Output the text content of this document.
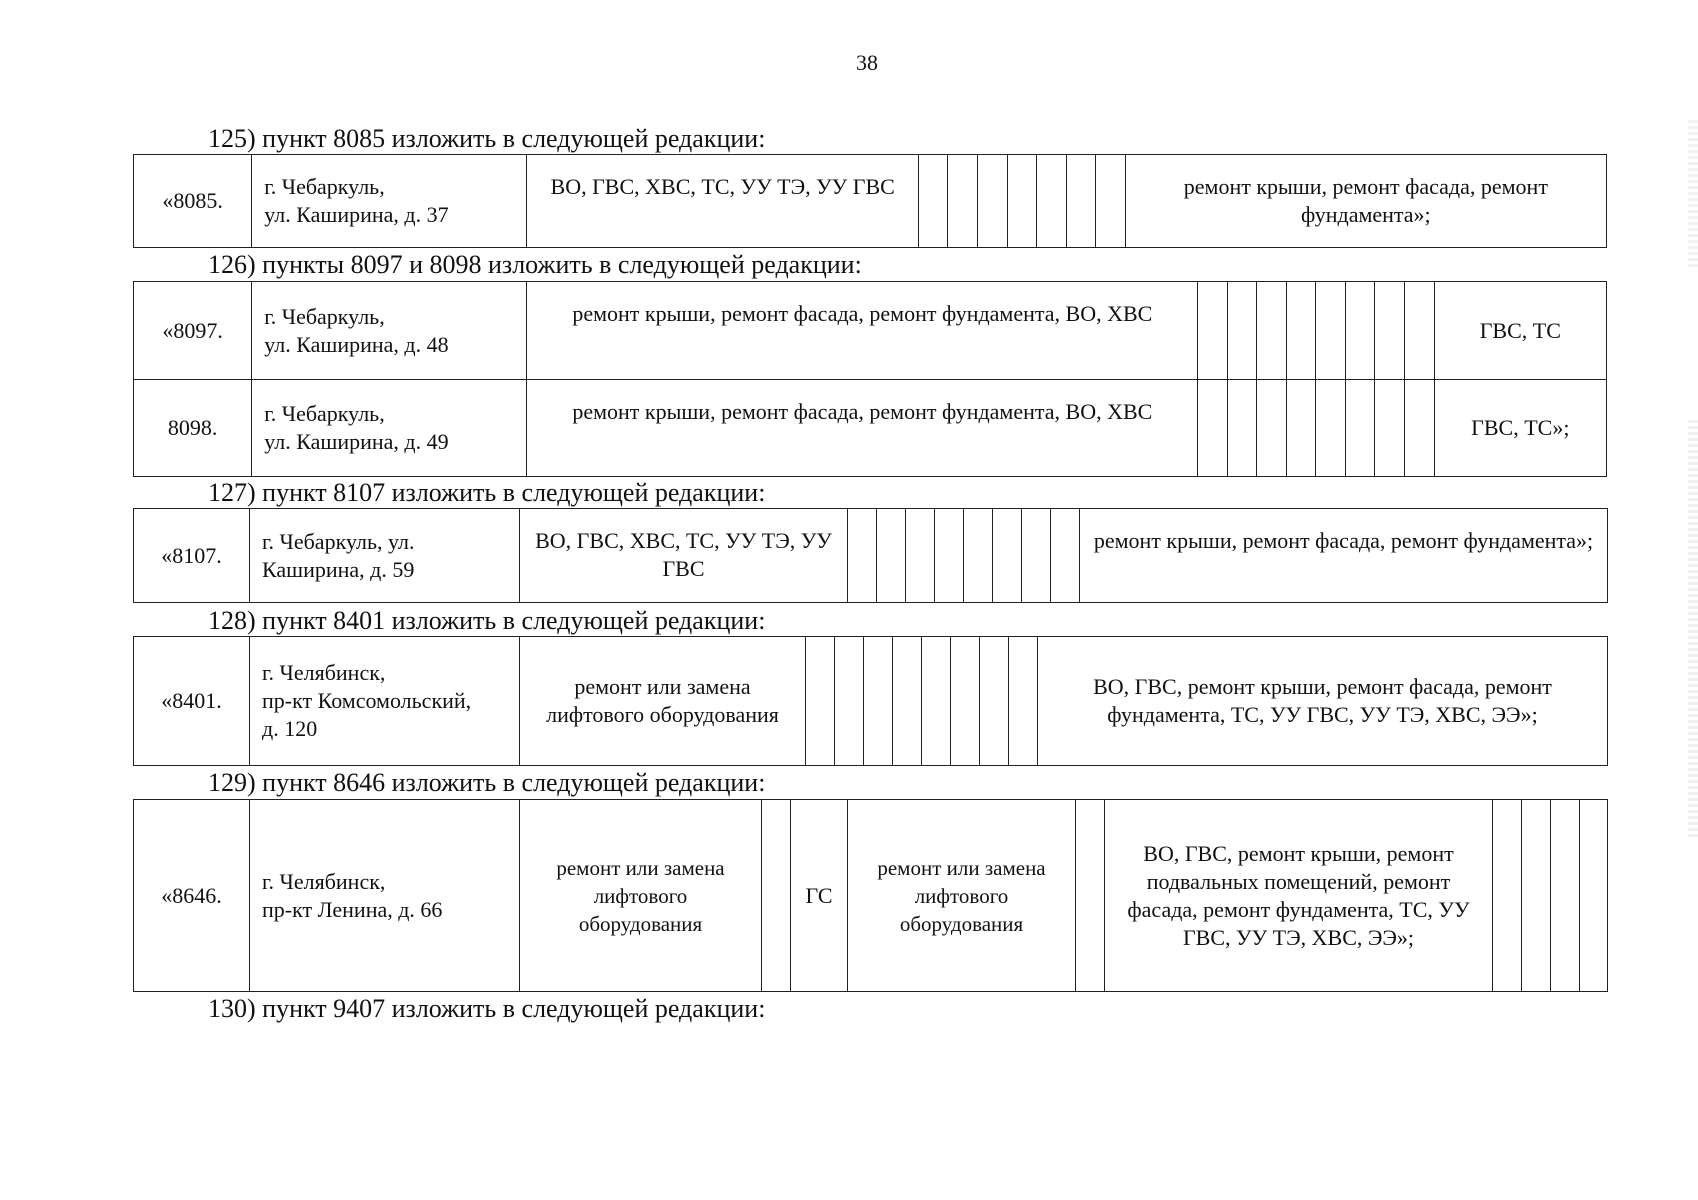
38
125) пункт 8085 изложить в следующей редакции:
«8085.	г. Чебаркуль,
ул. Каширина, д. 37	ВО, ГВС, ХВС, ТС, УУ ТЭ, УУ ГВС								ремонт крыши, ремонт фасада, ремонт фундамента»;
126) пункты 8097 и 8098 изложить в следующей редакции:
«8097.	г. Чебаркуль,
ул. Каширина, д. 48	ремонт крыши, ремонт фасада, ремонт фундамента, ВО, ХВС									ГВС, ТС
8098.	г. Чебаркуль,
ул. Каширина, д. 49	ремонт крыши, ремонт фасада, ремонт фундамента, ВО, ХВС									ГВС, ТС»;
127) пункт 8107 изложить в следующей редакции:
«8107.	г. Чебаркуль, ул.
Каширина, д. 59	ВО, ГВС, ХВС, ТС, УУ ТЭ, УУ ГВС									ремонт крыши, ремонт фасада, ремонт фундамента»;
128) пункт 8401 изложить в следующей редакции:
«8401.	г. Челябинск,
пр-кт Комсомольский,
д. 120	ремонт или замена лифтового оборудования									ВО, ГВС, ремонт крыши, ремонт фасада, ремонт фундамента, ТС, УУ ГВС, УУ ТЭ, ХВС, ЭЭ»;
129) пункт 8646 изложить в следующей редакции:
«8646.	г. Челябинск,
пр-кт Ленина, д. 66	ремонт или замена лифтового оборудования		ГС	ремонт или замена лифтового оборудования		ВО, ГВС, ремонт крыши, ремонт подвальных помещений, ремонт фасада, ремонт фундамента, ТС, УУ ГВС, УУ ТЭ, ХВС, ЭЭ»;				
130) пункт 9407 изложить в следующей редакции:
